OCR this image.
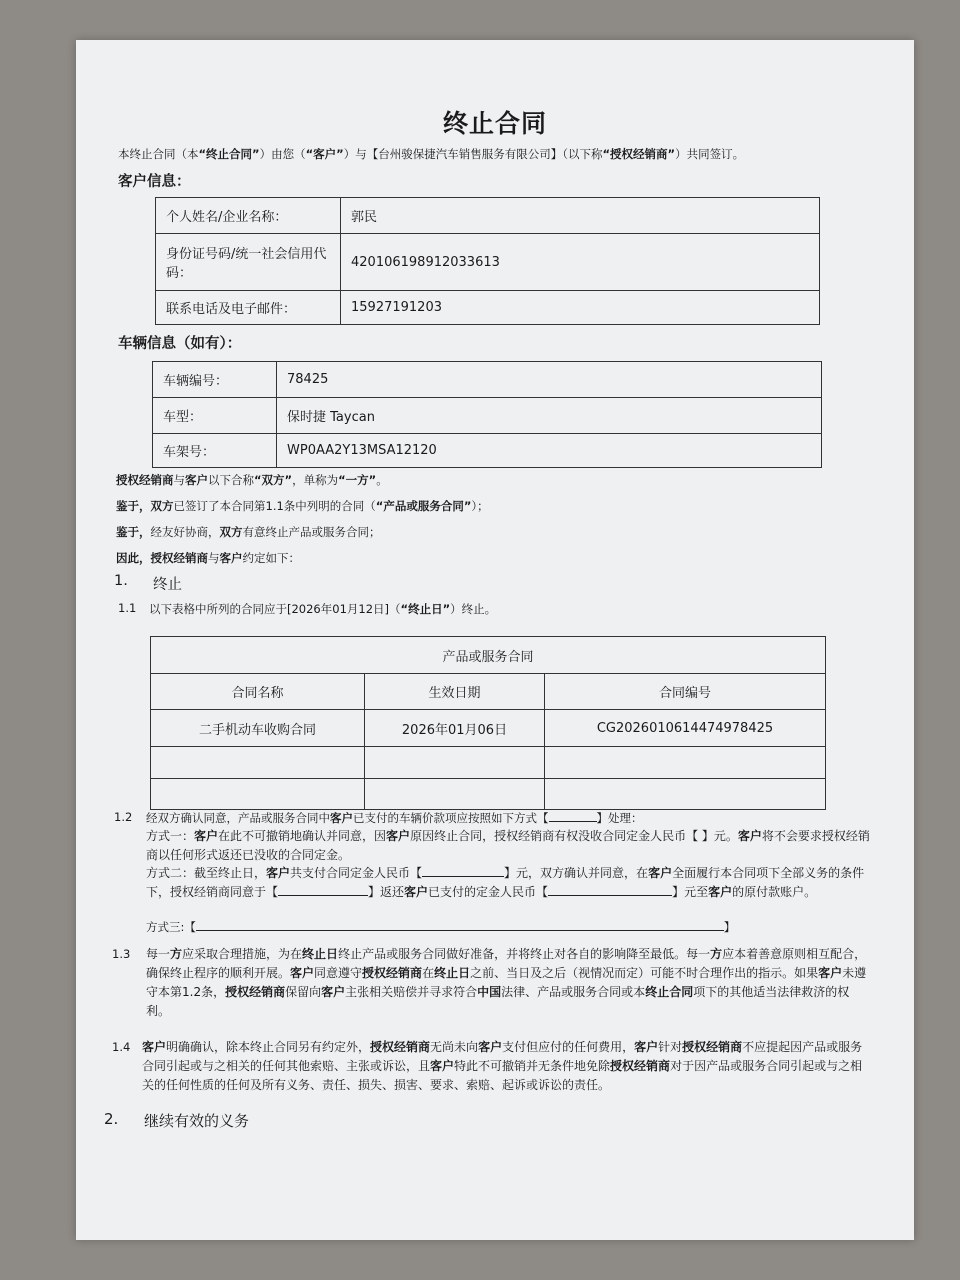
终止合同
本终止合同（本“终止合同”）由您（“客户”）与【台州骏保捷汽车销售服务有限公司】（以下称“授权经销商”）共同签订。
客户信息：
个人姓名/企业名称：	郭民
身份证号码/统一社会信用代码：	420106198912033613
联系电话及电子邮件：	15927191203
车辆信息（如有）：
车辆编号：	78425
车型：	保时捷 Taycan
车架号：	WP0AA2Y13MSA12120
授权经销商与客户以下合称“双方”，单称为“一方”。
鉴于，双方已签订了本合同第1.1条中列明的合同（“产品或服务合同”）；
鉴于，经友好协商，双方有意终止产品或服务合同；
因此，授权经销商与客户约定如下：
1. 终止
1.1 以下表格中所列的合同应于[2026年01月12日]（“终止日”）终止。
产品或服务合同		
合同名称	生效日期	合同编号
二手机动车收购合同	2026年01月06日	CG2026010614474978425

1.2 经双方确认同意，产品或服务合同中客户已支付的车辆价款项应按照如下方式【	】处理：
方式一：客户在此不可撤销地确认并同意，因客户原因终止合同，授权经销商有权没收合同定金人民币【 】元。客户将不会要求授权经销商以任何形式返还已没收的合同定金。
方式二：截至终止日，客户共支付合同定金人民币【	】元，双方确认并同意，在客户全面履行本合同项下全部义务的条件下，授权经销商同意于【	】返还客户已支付的定金人民币【	】元至客户的原付款账户。
方式三:【	】
1.3 每一方应采取合理措施，为在终止日终止产品或服务合同做好准备，并将终止对各自的影响降至最低。每一方应本着善意原则相互配合，确保终止程序的顺利开展。客户同意遵守授权经销商在终止日之前、当日及之后（视情况而定）可能不时合理作出的指示。如果客户未遵守本第1.2条，授权经销商保留向客户主张相关赔偿并寻求符合中国法律、产品或服务合同或本终止合同项下的其他适当法律救济的权利。
1.4 客户明确确认，除本终止合同另有约定外，授权经销商无尚未向客户支付但应付的任何费用，客户针对授权经销商不应提起因产品或服务合同引起或与之相关的任何其他索赔、主张或诉讼，且客户特此不可撤销并无条件地免除授权经销商对于因产品或服务合同引起或与之相关的任何性质的任何及所有义务、责任、损失、损害、要求、索赔、起诉或诉讼的责任。
2. 继续有效的义务
